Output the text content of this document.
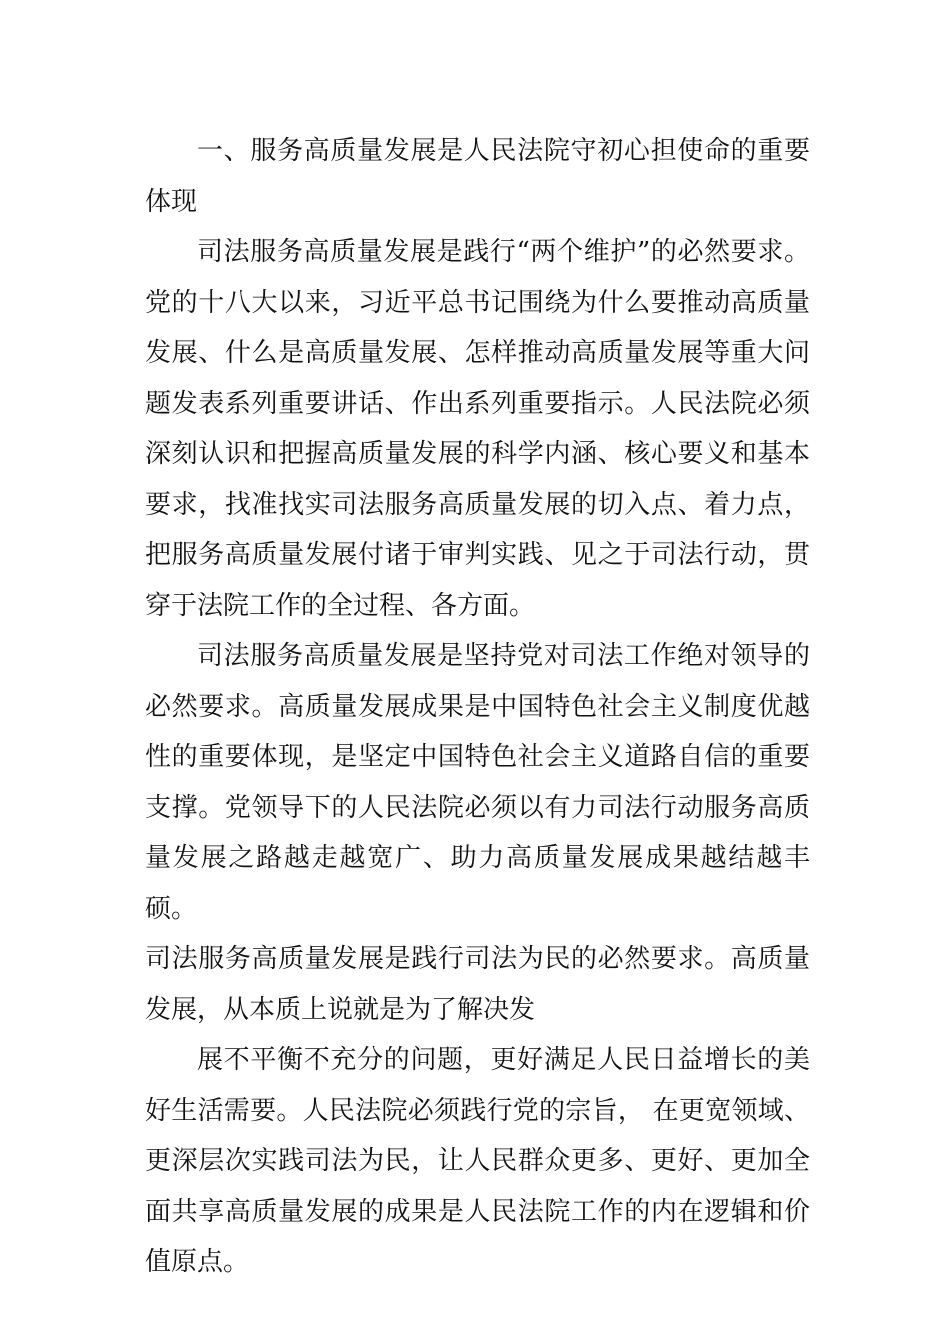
一、服务高质量发展是人民法院守初心担使命的重要体现

司法服务高质量发展是践行“两个维护”的必然要求。党的十八大以来，习近平总书记围绕为什么要推动高质量发展、什么是高质量发展、怎样推动高质量发展等重大问题发表系列重要讲话、作出系列重要指示。人民法院必须深刻认识和把握高质量发展的科学内涵、核心要义和基本要求，找准找实司法服务高质量发展的切入点、着力点，把服务高质量发展付诸于审判实践、见之于司法行动，贯穿于法院工作的全过程、各方面。

司法服务高质量发展是坚持党对司法工作绝对领导的必然要求。高质量发展成果是中国特色社会主义制度优越性的重要体现，是坚定中国特色社会主义道路自信的重要支撑。党领导下的人民法院必须以有力司法行动服务高质量发展之路越走越宽广、助力高质量发展成果越结越丰硕。

司法服务高质量发展是践行司法为民的必然要求。高质量发展，从本质上说就是为了解决发

展不平衡不充分的问题，更好满足人民日益增长的美好生活需要。人民法院必须践行党的宗旨， 在更宽领域、更深层次实践司法为民，让人民群众更多、更好、更加全面共享高质量发展的成果是人民法院工作的内在逻辑和价值原点。
